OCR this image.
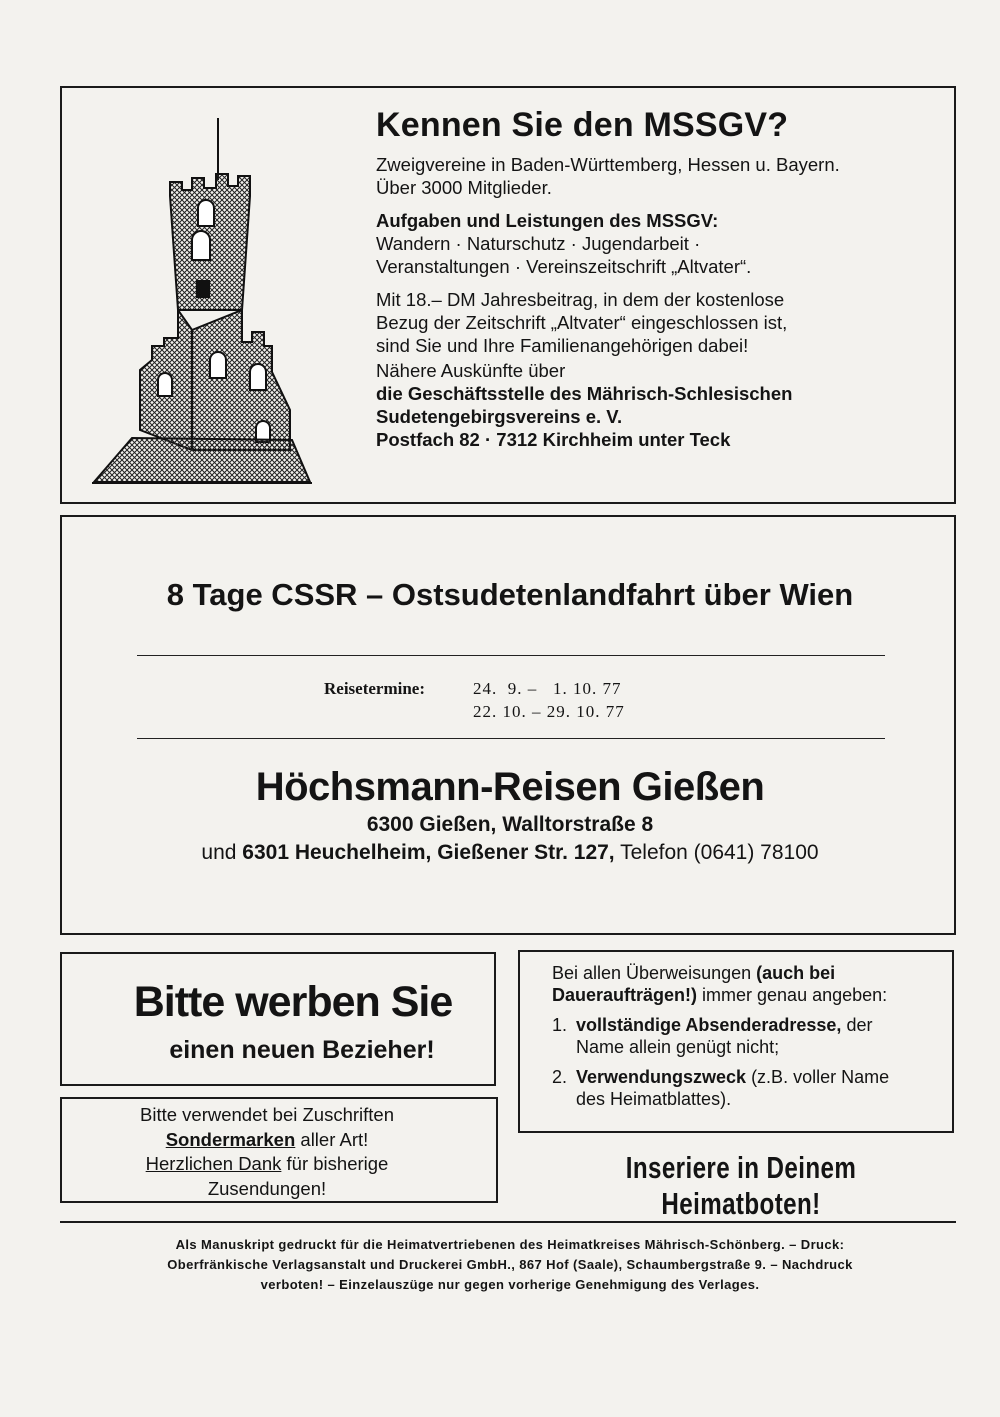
Kennen Sie den MSSGV?

Zweigvereine in Baden-Württemberg, Hessen u. Bayern.

Über 3000 Mitglieder.

Aufgaben und Leistungen des MSSGV:

Wandern · Naturschutz · Jugendarbeit ·

Veranstaltungen · Vereinszeitschrift „Altvater“.

Mit 18.– DM Jahresbeitrag, in dem der kostenlose

Bezug der Zeitschrift „Altvater“ eingeschlossen ist,

sind Sie und Ihre Familienangehörigen dabei!

Nähere Auskünfte über

die Geschäftsstelle des Mährisch-Schlesischen

Sudetengebirgsvereins e. V.

Postfach 82 · 7312 Kirchheim unter Teck

8 Tage CSSR – Ostsudetenlandfahrt über Wien
Reisetermine:	24.  9. –   1. 10. 77
22. 10. – 29. 10. 77
Höchsmann-Reisen Gießen
6300 Gießen, Walltorstraße 8
und 6301 Heuchelheim, Gießener Str. 127, Telefon (0641) 78100
Bitte werben Sie
einen neuen Bezieher!
Bitte verwendet bei Zuschriften
Sondermarken aller Art!
Herzlichen Dank für bisherige
Zusendungen!
Bei allen Überweisungen (auch bei Daueraufträgen!) immer genau angeben:
1. vollständige Absenderadresse, der Name allein genügt nicht;
2. Verwendungszweck (z.B. voller Name des Heimatblattes).
Inseriere in Deinem Heimatboten!
Als Manuskript gedruckt für die Heimatvertriebenen des Heimatkreises Mährisch-Schönberg. – Druck:
Oberfränkische Verlagsanstalt und Druckerei GmbH., 867 Hof (Saale), Schaumbergstraße 9. – Nachdruck
verboten! – Einzelauszüge nur gegen vorherige Genehmigung des Verlages.
